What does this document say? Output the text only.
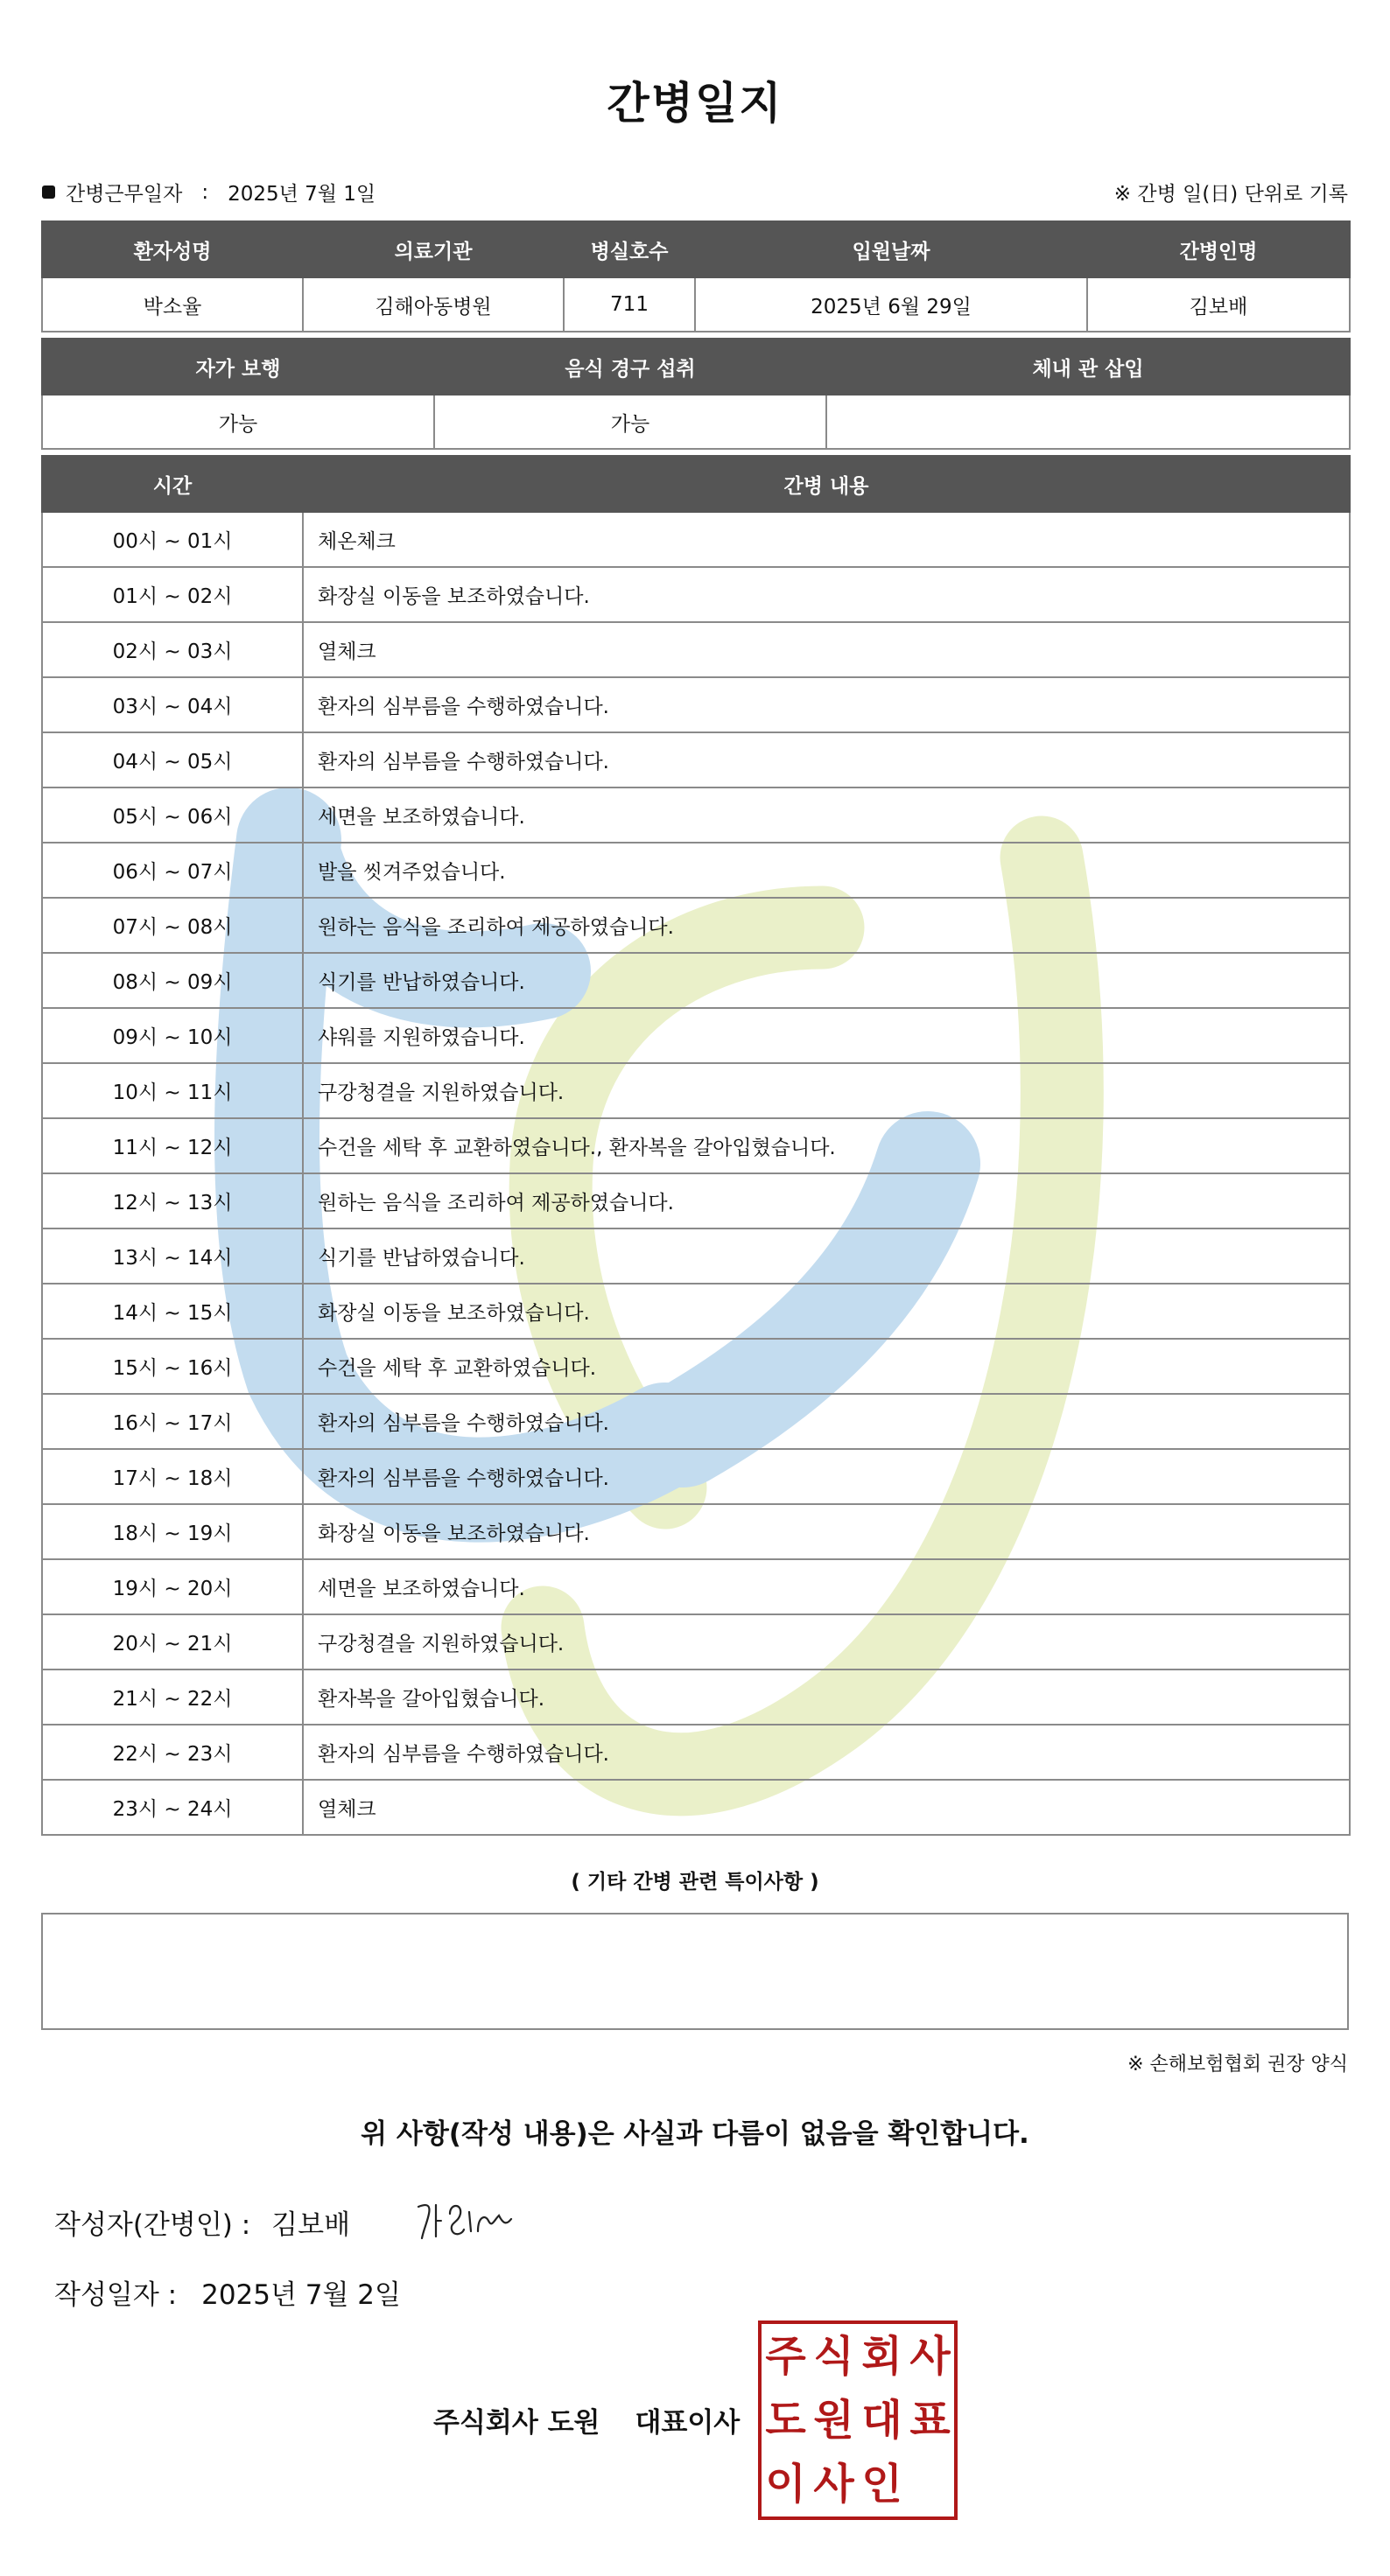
간병일지
간병근무일자 : 2025년 7월 1일	※ 간병 일(日) 단위로 기록
환자성명	의료기관	병실호수	입원날짜	간병인명
박소율	김해아동병원	711	2025년 6월 29일	김보배
자가 보행	음식 경구 섭취	체내 관 삽입
가능	가능	
시간	간병 내용
00시 ~ 01시	체온체크
01시 ~ 02시	화장실 이동을 보조하였습니다.
02시 ~ 03시	열체크
03시 ~ 04시	환자의 심부름을 수행하였습니다.
04시 ~ 05시	환자의 심부름을 수행하였습니다.
05시 ~ 06시	세면을 보조하였습니다.
06시 ~ 07시	발을 씻겨주었습니다.
07시 ~ 08시	원하는 음식을 조리하여 제공하였습니다.
08시 ~ 09시	식기를 반납하였습니다.
09시 ~ 10시	샤워를 지원하였습니다.
10시 ~ 11시	구강청결을 지원하였습니다.
11시 ~ 12시	수건을 세탁 후 교환하였습니다., 환자복을 갈아입혔습니다.
12시 ~ 13시	원하는 음식을 조리하여 제공하였습니다.
13시 ~ 14시	식기를 반납하였습니다.
14시 ~ 15시	화장실 이동을 보조하였습니다.
15시 ~ 16시	수건을 세탁 후 교환하였습니다.
16시 ~ 17시	환자의 심부름을 수행하였습니다.
17시 ~ 18시	환자의 심부름을 수행하였습니다.
18시 ~ 19시	화장실 이동을 보조하였습니다.
19시 ~ 20시	세면을 보조하였습니다.
20시 ~ 21시	구강청결을 지원하였습니다.
21시 ~ 22시	환자복을 갈아입혔습니다.
22시 ~ 23시	환자의 심부름을 수행하였습니다.
23시 ~ 24시	열체크
( 기타 간병 관련 특이사항 )
※ 손해보험협회 권장 양식
위 사항(작성 내용)은 사실과 다름이 없음을 확인합니다.
작성자(간병인) : 김보배
작성일자 : 2025년 7월 2일
주식회사 도원 대표이사
주 식 회 사
도 원 대 표
이 사 인
